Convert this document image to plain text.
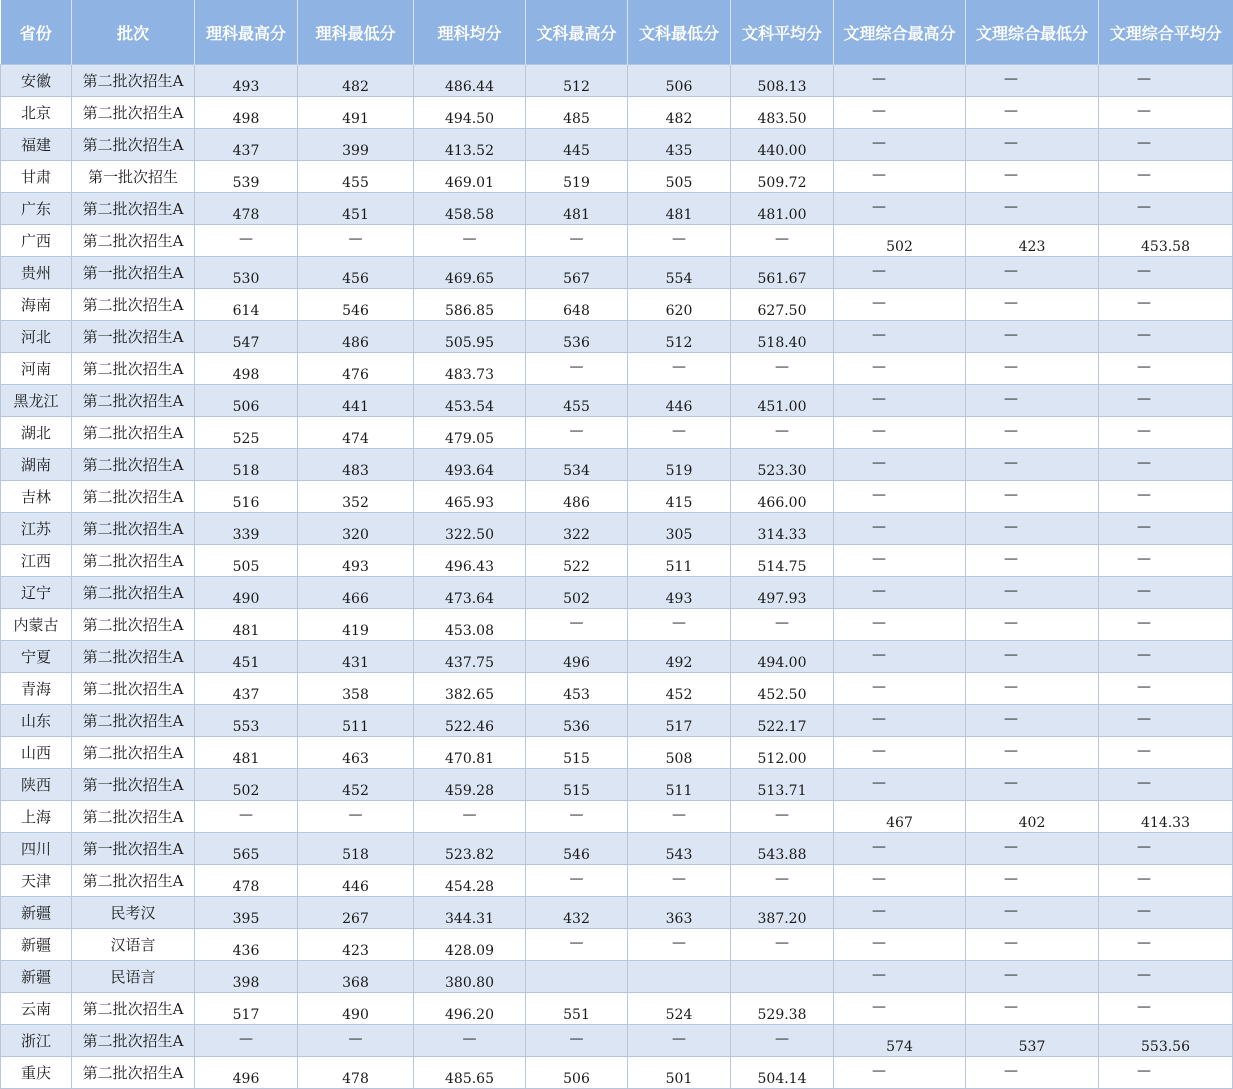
省份	批次	理科最高分	理科最低分	理科均分	文科最高分	文科最低分	文科平均分	文理综合最高分	文理综合最低分	文理综合平均分
安徽	第二批次招生A	493	482	486.44	512	506	508.13	—	—	—
北京	第二批次招生A	498	491	494.50	485	482	483.50	—	—	—
福建	第二批次招生A	437	399	413.52	445	435	440.00	—	—	—
甘肃	第一批次招生	539	455	469.01	519	505	509.72	—	—	—
广东	第二批次招生A	478	451	458.58	481	481	481.00	—	—	—
广西	第二批次招生A	—	—	—	—	—	—	502	423	453.58
贵州	第一批次招生A	530	456	469.65	567	554	561.67	—	—	—
海南	第二批次招生A	614	546	586.85	648	620	627.50	—	—	—
河北	第一批次招生A	547	486	505.95	536	512	518.40	—	—	—
河南	第二批次招生A	498	476	483.73	—	—	—	—	—	—
黑龙江	第二批次招生A	506	441	453.54	455	446	451.00	—	—	—
湖北	第二批次招生A	525	474	479.05	—	—	—	—	—	—
湖南	第二批次招生A	518	483	493.64	534	519	523.30	—	—	—
吉林	第二批次招生A	516	352	465.93	486	415	466.00	—	—	—
江苏	第二批次招生A	339	320	322.50	322	305	314.33	—	—	—
江西	第二批次招生A	505	493	496.43	522	511	514.75	—	—	—
辽宁	第二批次招生A	490	466	473.64	502	493	497.93	—	—	—
内蒙古	第二批次招生A	481	419	453.08	—	—	—	—	—	—
宁夏	第二批次招生A	451	431	437.75	496	492	494.00	—	—	—
青海	第二批次招生A	437	358	382.65	453	452	452.50	—	—	—
山东	第二批次招生A	553	511	522.46	536	517	522.17	—	—	—
山西	第二批次招生A	481	463	470.81	515	508	512.00	—	—	—
陕西	第一批次招生A	502	452	459.28	515	511	513.71	—	—	—
上海	第二批次招生A	—	—	—	—	—	—	467	402	414.33
四川	第一批次招生A	565	518	523.82	546	543	543.88	—	—	—
天津	第二批次招生A	478	446	454.28	—	—	—	—	—	—
新疆	民考汉	395	267	344.31	432	363	387.20	—	—	—
新疆	汉语言	436	423	428.09	—	—	—	—	—	—
新疆	民语言	398	368	380.80				—	—	—
云南	第二批次招生A	517	490	496.20	551	524	529.38	—	—	—
浙江	第二批次招生A	—	—	—	—	—	—	574	537	553.56
重庆	第二批次招生A	496	478	485.65	506	501	504.14	—	—	—
